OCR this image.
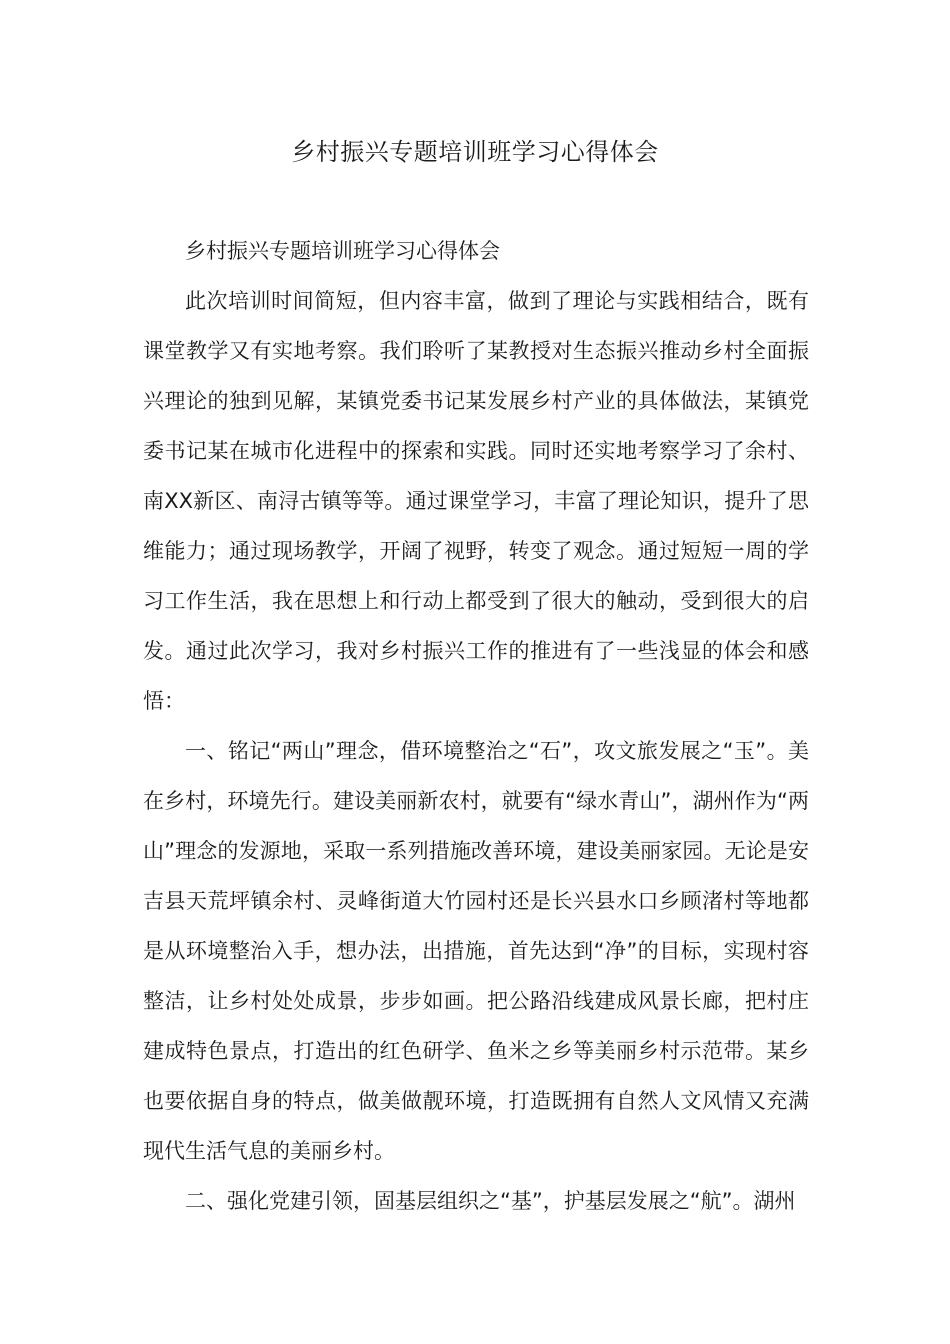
乡村振兴专题培训班学习心得体会

乡村振兴专题培训班学习心得体会

此次培训时间简短，但内容丰富，做到了理论与实践相结合，既有课堂教学又有实地考察。我们聆听了某教授对生态振兴推动乡村全面振兴理论的独到见解，某镇党委书记某发展乡村产业的具体做法，某镇党委书记某在城市化进程中的探索和实践。同时还实地考察学习了余村、南XX新区、南浔古镇等等。通过课堂学习，丰富了理论知识，提升了思维能力；通过现场教学，开阔了视野，转变了观念。通过短短一周的学习工作生活，我在思想上和行动上都受到了很大的触动，受到很大的启发。通过此次学习，我对乡村振兴工作的推进有了一些浅显的体会和感悟：

一、铭记“两山”理念，借环境整治之“石”，攻文旅发展之“玉”。美在乡村，环境先行。建设美丽新农村，就要有“绿水青山”，湖州作为“两山”理念的发源地，采取一系列措施改善环境，建设美丽家园。无论是安吉县天荒坪镇余村、灵峰街道大竹园村还是长兴县水口乡顾渚村等地都是从环境整治入手，想办法，出措施，首先达到“净”的目标，实现村容整洁，让乡村处处成景，步步如画。把公路沿线建成风景长廊，把村庄建成特色景点，打造出的红色研学、鱼米之乡等美丽乡村示范带。某乡也要依据自身的特点，做美做靓环境，打造既拥有自然人文风情又充满现代生活气息的美丽乡村。

二、强化党建引领，固基层组织之“基”，护基层发展之“航”。湖州
